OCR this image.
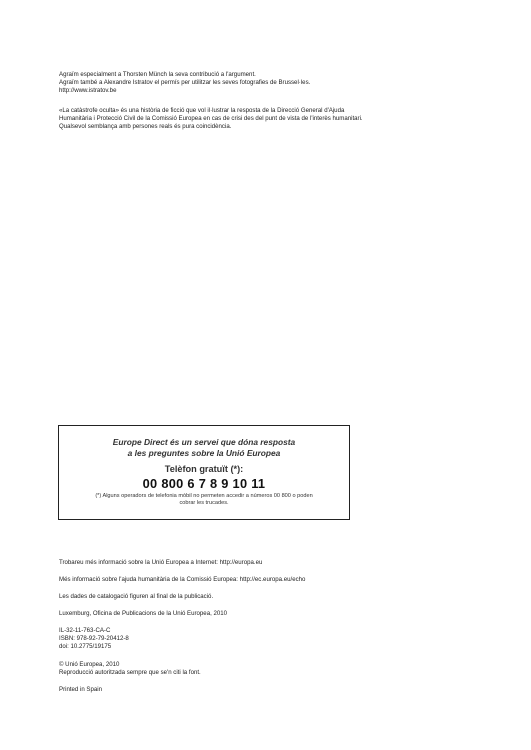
Agraïm especialment a Thorsten Münch la seva contribució a l'argument.

Agraïm també a Alexandre Istratov el permís per utilitzar les seves fotografies de Brussel·les.

http://www.istratov.be

«La catàstrofe oculta» és una història de ficció que vol il·lustrar la resposta de la Direcció General d'Ajuda

Humanitària i Protecció Civil de la Comissió Europea en cas de crisi des del punt de vista de l'interès humanitari.

Qualsevol semblança amb persones reals és pura coincidència.

Europe Direct és un servei que dóna resposta

a les preguntes sobre la Unió Europea

Telèfon gratuït (*):
00 800 6 7 8 9 10 11

(*) Alguns operadors de telefonia mòbil no permeten accedir a números 00 800 o poden

cobrar les trucades.

Trobareu més informació sobre la Unió Europea a Internet: http://europa.eu
Més informació sobre l'ajuda humanitària de la Comissió Europea: http://ec.europa.eu/echo
Les dades de catalogació figuren al final de la publicació.
Luxemburg, Oficina de Publicacions de la Unió Europea, 2010

IL-32-11-763-CA-C

ISBN: 978-92-79-20412-8

doi: 10.2775/19175

© Unió Europea, 2010

Reproducció autoritzada sempre que se'n citi la font.

Printed in Spain
